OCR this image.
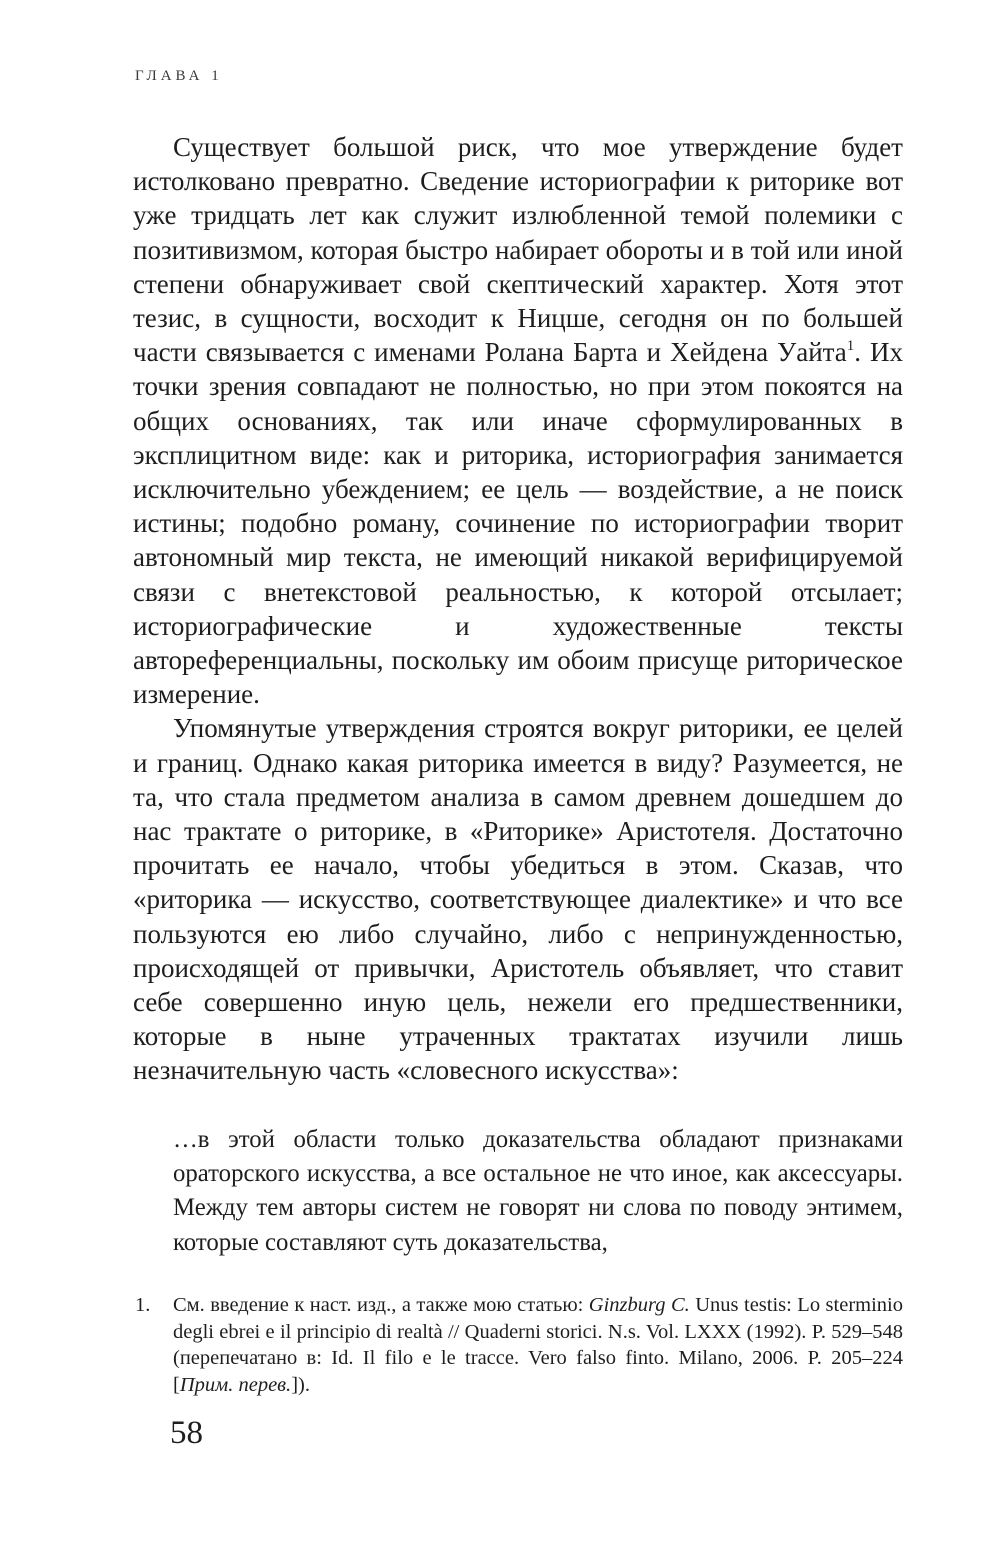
ГЛАВА 1

Существует большой риск, что мое утверждение будет истолковано превратно. Сведение историографии к риторике вот уже тридцать лет как служит излюбленной темой полемики с позитивизмом, которая быстро набирает обороты и в той или иной степени обнаруживает свой скептический характер. Хотя этот тезис, в сущности, восходит к Ницше, сегодня он по большей части связывается с именами Ролана Барта и Хейдена Уайта$^1$. Их точки зрения совпадают не полностью, но при этом покоятся на общих основаниях, так или иначе сформулированных в эксплицитном виде: как и риторика, историография занимается исключительно убеждением; ее цель — воздействие, а не поиск истины; подобно роману, сочинение по историографии творит автономный мир текста, не имеющий никакой верифицируемой связи с внетекстовой реальностью, к которой отсылает; историографические и художественные тексты автореференциальны, поскольку им обоим присуще риторическое измерение.

Упомянутые утверждения строятся вокруг риторики, ее целей и границ. Однако какая риторика имеется в виду? Разумеется, не та, что стала предметом анализа в самом древнем дошедшем до нас трактате о риторике, в «Риторике» Аристотеля. Достаточно прочитать ее начало, чтобы убедиться в этом. Сказав, что «риторика — искусство, соответствующее диалектике» и что все пользуются ею либо случайно, либо с непринужденностью, происходящей от привычки, Аристотель объявляет, что ставит себе совершенно иную цель, нежели его предшественники, которые в ныне утраченных трактатах изучили лишь незначительную часть «словесного искусства»:

…в этой области только доказательства обладают признаками ораторского искусства, а все остальное не что иное, как аксессуары. Между тем авторы систем не говорят ни слова по поводу энтимем, которые составляют суть доказательства,

1.	См. введение к наст. изд., а также мою статью: Ginzburg C. Unus testis: Lo sterminio degli ebrei e il principio di realtà // Quaderni storici. N.s. Vol. LXXX (1992). P. 529–548 (перепечатано в: Id. Il filo e le tracce. Vero falso finto. Milano, 2006. P. 205–224 [Прим. перев.]).
58
